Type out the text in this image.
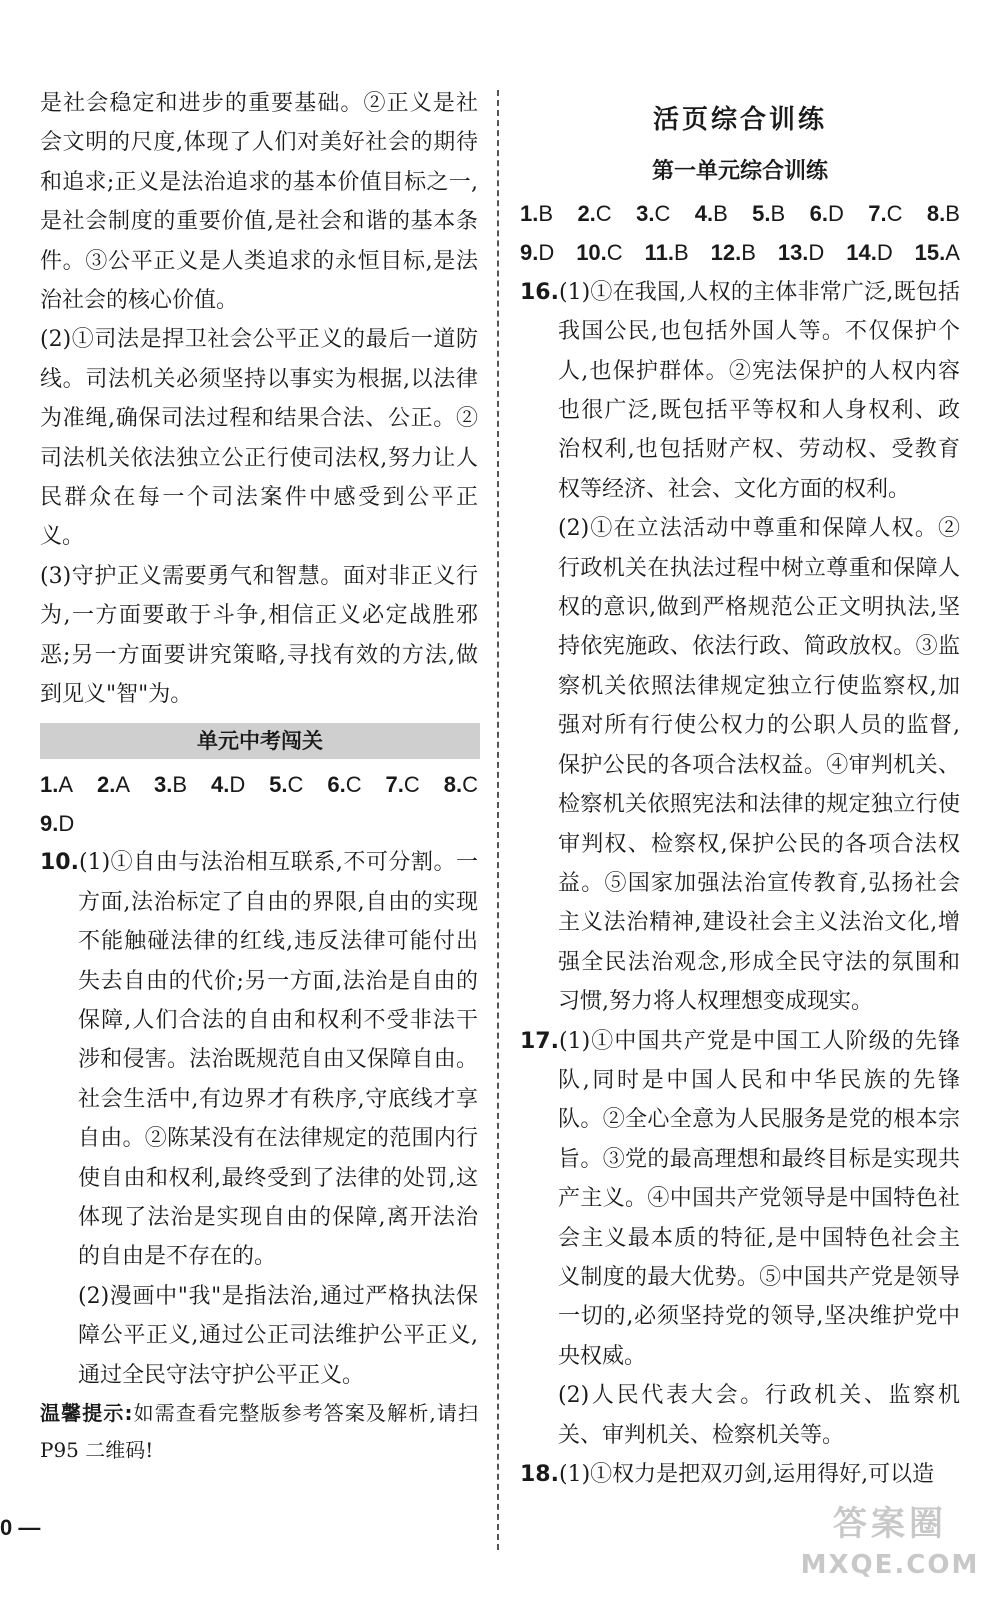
是社会稳定和进步的重要基础。②正义是社会文明的尺度,体现了人们对美好社会的期待和追求;正义是法治追求的基本价值目标之一,是社会制度的重要价值,是社会和谐的基本条件。③公平正义是人类追求的永恒目标,是法治社会的核心价值。

(2)①司法是捍卫社会公平正义的最后一道防线。司法机关必须坚持以事实为根据,以法律为准绳,确保司法过程和结果合法、公正。②司法机关依法独立公正行使司法权,努力让人民群众在每一个司法案件中感受到公平正义。

(3)守护正义需要勇气和智慧。面对非正义行为,一方面要敢于斗争,相信正义必定战胜邪恶;另一方面要讲究策略,寻找有效的方法,做到见义"智"为。

单元中考闯关
1.A 2.A 3.B 4.D 5.C 6.C 7.C 8.C
9.D

10.(1)①自由与法治相互联系,不可分割。一方面,法治标定了自由的界限,自由的实现不能触碰法律的红线,违反法律可能付出失去自由的代价;另一方面,法治是自由的保障,人们合法的自由和权利不受非法干涉和侵害。法治既规范自由又保障自由。社会生活中,有边界才有秩序,守底线才享自由。②陈某没有在法律规定的范围内行使自由和权利,最终受到了法律的处罚,这体现了法治是实现自由的保障,离开法治的自由是不存在的。

(2)漫画中"我"是指法治,通过严格执法保障公平正义,通过公正司法维护公平正义,通过全民守法守护公平正义。

温馨提示:如需查看完整版参考答案及解析,请扫 P95 二维码!

0 —
活页综合训练
第一单元综合训练
1.B 2.C 3.C 4.B 5.B 6.D 7.C 8.B
9.D 10.C 11.B 12.B 13.D 14.D 15.A

16.(1)①在我国,人权的主体非常广泛,既包括我国公民,也包括外国人等。不仅保护个人,也保护群体。②宪法保护的人权内容也很广泛,既包括平等权和人身权利、政治权利,也包括财产权、劳动权、受教育权等经济、社会、文化方面的权利。

(2)①在立法活动中尊重和保障人权。②行政机关在执法过程中树立尊重和保障人权的意识,做到严格规范公正文明执法,坚持依宪施政、依法行政、简政放权。③监察机关依照法律规定独立行使监察权,加强对所有行使公权力的公职人员的监督,保护公民的各项合法权益。④审判机关、检察机关依照宪法和法律的规定独立行使审判权、检察权,保护公民的各项合法权益。⑤国家加强法治宣传教育,弘扬社会主义法治精神,建设社会主义法治文化,增强全民法治观念,形成全民守法的氛围和习惯,努力将人权理想变成现实。

17.(1)①中国共产党是中国工人阶级的先锋队,同时是中国人民和中华民族的先锋队。②全心全意为人民服务是党的根本宗旨。③党的最高理想和最终目标是实现共产主义。④中国共产党领导是中国特色社会主义最本质的特征,是中国特色社会主义制度的最大优势。⑤中国共产党是领导一切的,必须坚持党的领导,坚决维护党中央权威。

(2)人民代表大会。行政机关、监察机关、审判机关、检察机关等。

18.(1)①权力是把双刃剑,运用得好,可以造

答案圈
MXQE.COM
